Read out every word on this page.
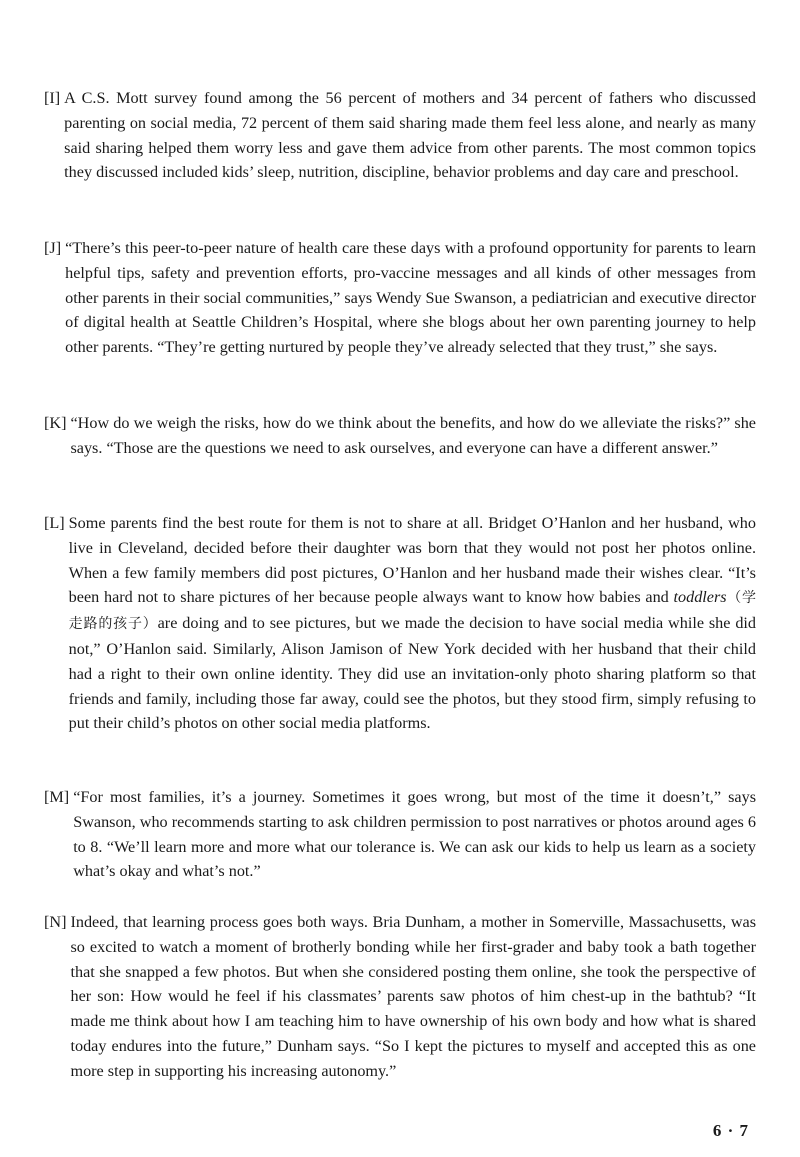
[I] A C.S. Mott survey found among the 56 percent of mothers and 34 percent of fathers who discussed parenting on social media, 72 percent of them said sharing made them feel less alone, and nearly as many said sharing helped them worry less and gave them advice from other parents. The most common topics they discussed included kids’ sleep, nutrition, discipline, behavior problems and day care and preschool.
[J] “There’s this peer-to-peer nature of health care these days with a profound opportunity for parents to learn helpful tips, safety and prevention efforts, pro-vaccine messages and all kinds of other messages from other parents in their social communities,” says Wendy Sue Swanson, a pediatrician and executive director of digital health at Seattle Children’s Hospital, where she blogs about her own parenting journey to help other parents. “They’re getting nurtured by people they’ve already selected that they trust,” she says.
[K] “How do we weigh the risks, how do we think about the benefits, and how do we alleviate the risks?” she says. “Those are the questions we need to ask ourselves, and everyone can have a different answer.”
[L] Some parents find the best route for them is not to share at all. Bridget O’Hanlon and her husband, who live in Cleveland, decided before their daughter was born that they would not post her photos online. When a few family members did post pictures, O’Hanlon and her husband made their wishes clear. “It’s been hard not to share pictures of her because people always want to know how babies and toddlers（学走路的孩子）are doing and to see pictures, but we made the decision to have social media while she did not,” O’Hanlon said. Similarly, Alison Jamison of New York decided with her husband that their child had a right to their own online identity. They did use an invitation-only photo sharing platform so that friends and family, including those far away, could see the photos, but they stood firm, simply refusing to put their child’s photos on other social media platforms.
[M] “For most families, it’s a journey. Sometimes it goes wrong, but most of the time it doesn’t,” says Swanson, who recommends starting to ask children permission to post narratives or photos around ages 6 to 8. “We’ll learn more and more what our tolerance is. We can ask our kids to help us learn as a society what’s okay and what’s not.”
[N] Indeed, that learning process goes both ways. Bria Dunham, a mother in Somerville, Massachusetts, was so excited to watch a moment of brotherly bonding while her first-grader and baby took a bath together that she snapped a few photos. But when she considered posting them online, she took the perspective of her son: How would he feel if his classmates’ parents saw photos of him chest-up in the bathtub? “It made me think about how I am teaching him to have ownership of his own body and how what is shared today endures into the future,” Dunham says. “So I kept the pictures to myself and accepted this as one more step in supporting his increasing autonomy.”
6 · 7
